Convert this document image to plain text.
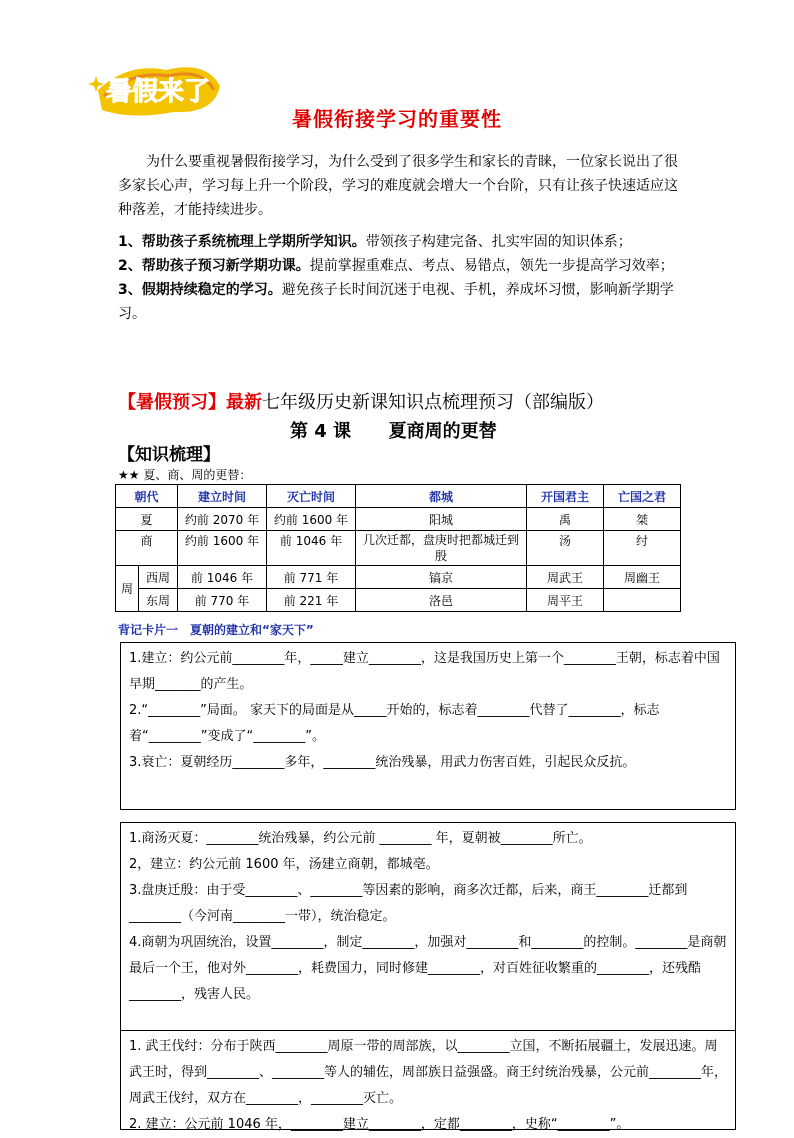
暑假来了
暑假衔接学习的重要性
为什么要重视暑假衔接学习，为什么受到了很多学生和家长的青睐，一位家长说出了很多家长心声，学习每上升一个阶段，学习的难度就会增大一个台阶，只有让孩子快速适应这种落差，才能持续进步。

1、帮助孩子系统梳理上学期所学知识。带领孩子构建完备、扎实牢固的知识体系；

2、帮助孩子预习新学期功课。提前掌握重难点、考点、易错点，领先一步提高学习效率；

3、假期持续稳定的学习。避免孩子长时间沉迷于电视、手机，养成坏习惯，影响新学期学习。

【暑假预习】最新七年级历史新课知识点梳理预习（部编版）
第 4 课 夏商周的更替
【知识梳理】
★★ 夏、商、周的更替：
朝代		建立时间	灭亡时间	都城	开国君主	亡国之君
夏		约前 2070 年	约前 1600 年	阳城	禹	桀
商		约前 1600 年	前 1046 年	几次迁都，盘庚时把都城迁到殷	汤	纣
周	西周	前 1046 年	前 771 年	镐京	周武王	周幽王
	东周	前 770 年	前 221 年	洛邑	周平王	
背记卡片一　夏朝的建立和“家天下”

1.建立：约公元前________年，_____建立________，这是我国历史上第一个________王朝，标志着中国早期_______的产生。

2.“________”局面。 家天下的局面是从_____开始的，标志着________代替了________，标志着“________”变成了“________”。

3.衰亡：夏朝经历________多年，________统治残暴，用武力伤害百姓，引起民众反抗。

1.商汤灭夏：________统治残暴，约公元前 ________ 年，夏朝被________所亡。

2，建立：约公元前 1600 年，汤建立商朝，都城亳。

3.盘庚迁殷：由于受________、________等因素的影响，商多次迁都，后来，商王________迁都到

________（今河南________一带），统治稳定。

4.商朝为巩固统治，设置________，制定________，加强对________和________的控制。________是商朝最后一个王，他对外________，耗费国力，同时修建________，对百姓征收繁重的________，还残酷________，残害人民。

1. 武王伐纣：分布于陕西________周原一带的周部族，以________立国，不断拓展疆土，发展迅速。周武王时，得到________、________等人的辅佐，周部族日益强盛。商王纣统治残暴，公元前________年，周武王伐纣，双方在________，________灭亡。

2. 建立：公元前 1046 年，________建立________，定都________，史称“________”。
